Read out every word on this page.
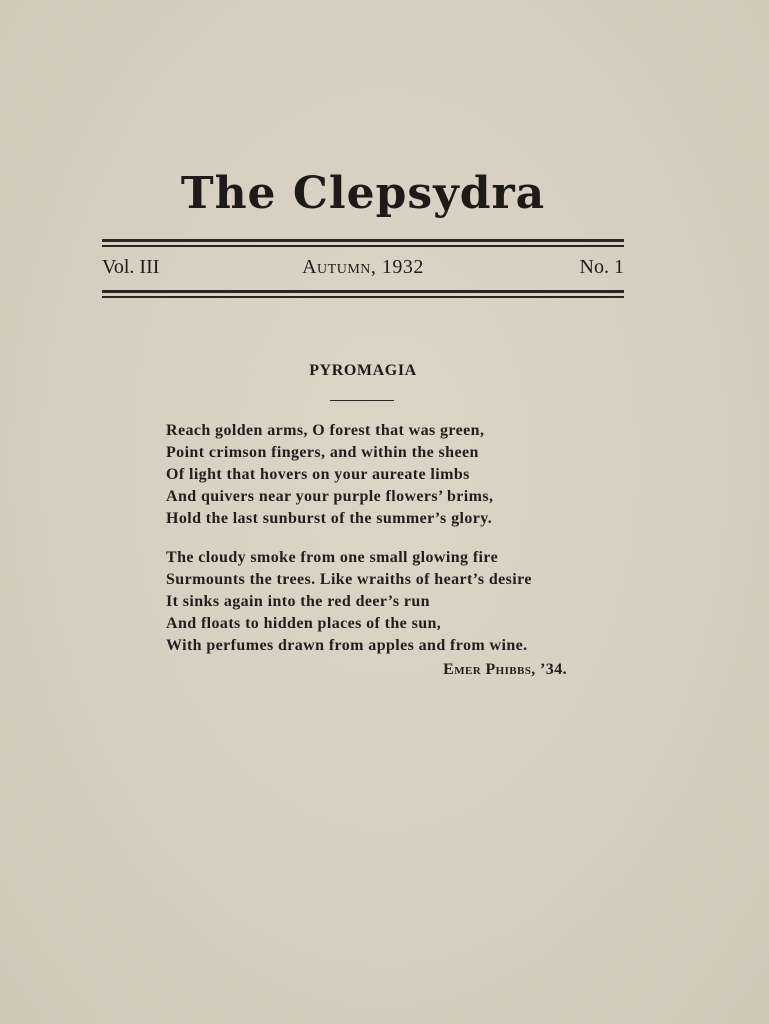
The Clepsydra
Vol. III	Autumn, 1932	No. 1
PYROMAGIA
Reach golden arms, O forest that was green,
Point crimson fingers, and within the sheen
Of light that hovers on your aureate limbs
And quivers near your purple flowers’ brims,
Hold the last sunburst of the summer’s glory.
The cloudy smoke from one small glowing fire
Surmounts the trees. Like wraiths of heart’s desire
It sinks again into the red deer’s run
And floats to hidden places of the sun,
With perfumes drawn from apples and from wine.
Emer Phibbs, ’34.
